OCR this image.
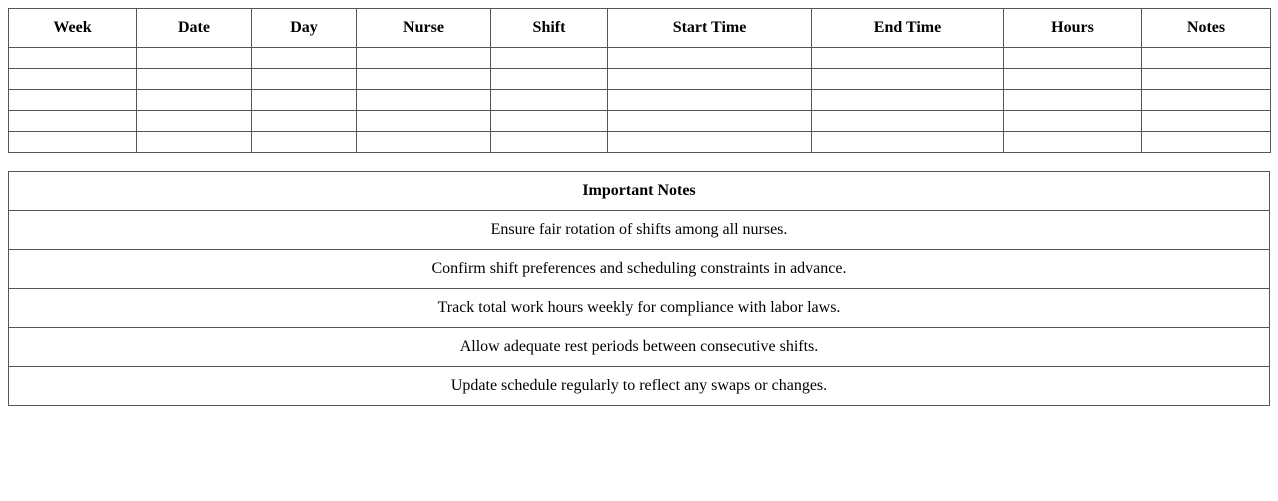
Week	Date	Day	Nurse	Shift	Start Time	End Time	Hours	Notes

Important Notes
Ensure fair rotation of shifts among all nurses.
Confirm shift preferences and scheduling constraints in advance.
Track total work hours weekly for compliance with labor laws.
Allow adequate rest periods between consecutive shifts.
Update schedule regularly to reflect any swaps or changes.
